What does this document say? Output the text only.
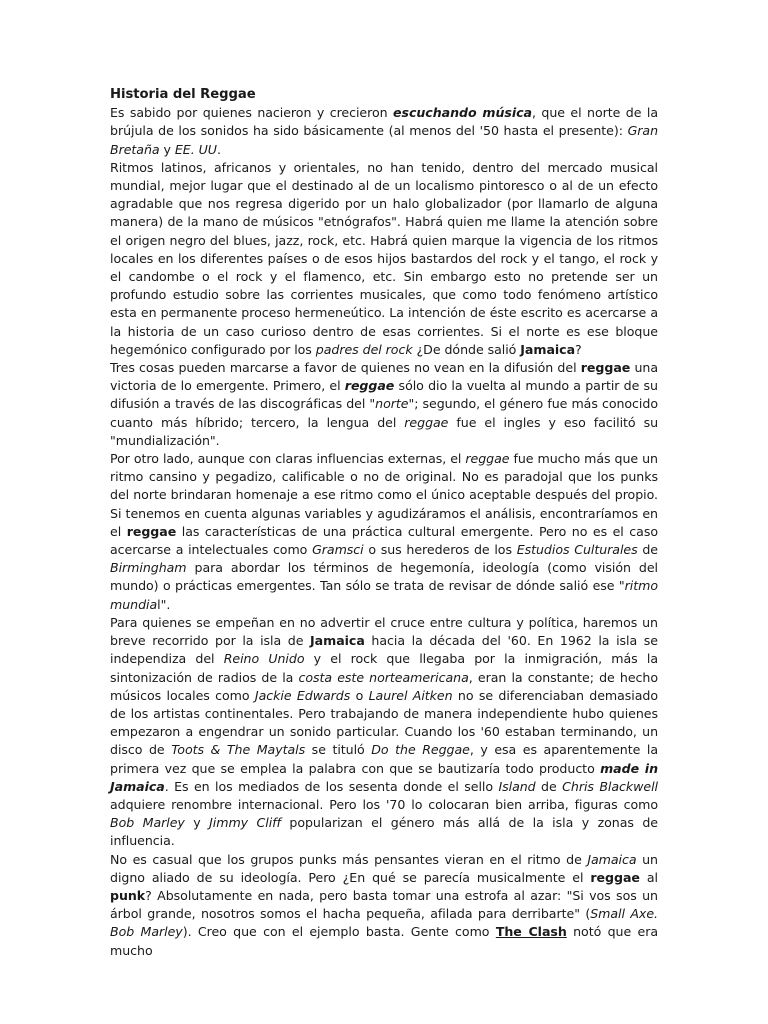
Historia del Reggae

Es sabido por quienes nacieron y crecieron escuchando música, que el norte de la brújula de los sonidos ha sido básicamente (al menos del '50 hasta el presente): Gran Bretaña y EE. UU.

Ritmos latinos, africanos y orientales, no han tenido, dentro del mercado musical mundial, mejor lugar que el destinado al de un localismo pintoresco o al de un efecto agradable que nos regresa digerido por un halo globalizador (por llamarlo de alguna manera) de la mano de músicos "etnógrafos". Habrá quien me llame la atención sobre el origen negro del blues, jazz, rock, etc. Habrá quien marque la vigencia de los ritmos locales en los diferentes países o de esos hijos bastardos del rock y el tango, el rock y el candombe o el rock y el flamenco, etc. Sin embargo esto no pretende ser un profundo estudio sobre las corrientes musicales, que como todo fenómeno artístico esta en permanente proceso hermeneútico. La intención de éste escrito es acercarse a la historia de un caso curioso dentro de esas corrientes. Si el norte es ese bloque hegemónico configurado por los padres del rock ¿De dónde salió Jamaica?

Tres cosas pueden marcarse a favor de quienes no vean en la difusión del reggae una victoria de lo emergente. Primero, el reggae sólo dio la vuelta al mundo a partir de su difusión a través de las discográficas del "norte"; segundo, el género fue más conocido cuanto más híbrido; tercero, la lengua del reggae fue el ingles y eso facilitó su "mundialización".

Por otro lado, aunque con claras influencias externas, el reggae fue mucho más que un ritmo cansino y pegadizo, calificable o no de original. No es paradojal que los punks del norte brindaran homenaje a ese ritmo como el único aceptable después del propio. Si tenemos en cuenta algunas variables y agudizáramos el análisis, encontraríamos en el reggae las características de una práctica cultural emergente. Pero no es el caso acercarse a intelectuales como Gramsci o sus herederos de los Estudios Culturales de Birmingham para abordar los términos de hegemonía, ideología (como visión del mundo) o prácticas emergentes. Tan sólo se trata de revisar de dónde salió ese "ritmo mundial".

Para quienes se empeñan en no advertir el cruce entre cultura y política, haremos un breve recorrido por la isla de Jamaica hacia la década del '60. En 1962 la isla se independiza del Reino Unido y el rock que llegaba por la inmigración, más la sintonización de radios de la costa este norteamericana, eran la constante; de hecho músicos locales como Jackie Edwards o Laurel Aitken no se diferenciaban demasiado de los artistas continentales. Pero trabajando de manera independiente hubo quienes empezaron a engendrar un sonido particular. Cuando los '60 estaban terminando, un disco de Toots & The Maytals se tituló Do the Reggae, y esa es aparentemente la primera vez que se emplea la palabra con que se bautizaría todo producto made in Jamaica. Es en los mediados de los sesenta donde el sello Island de Chris Blackwell adquiere renombre internacional. Pero los '70 lo colocaran bien arriba, figuras como Bob Marley y Jimmy Cliff popularizan el género más allá de la isla y zonas de influencia.

No es casual que los grupos punks más pensantes vieran en el ritmo de Jamaica un digno aliado de su ideología. Pero ¿En qué se parecía musicalmente el reggae al punk? Absolutamente en nada, pero basta tomar una estrofa al azar: "Si vos sos un árbol grande, nosotros somos el hacha pequeña, afilada para derribarte" (Small Axe. Bob Marley). Creo que con el ejemplo basta. Gente como The Clash notó que era mucho
